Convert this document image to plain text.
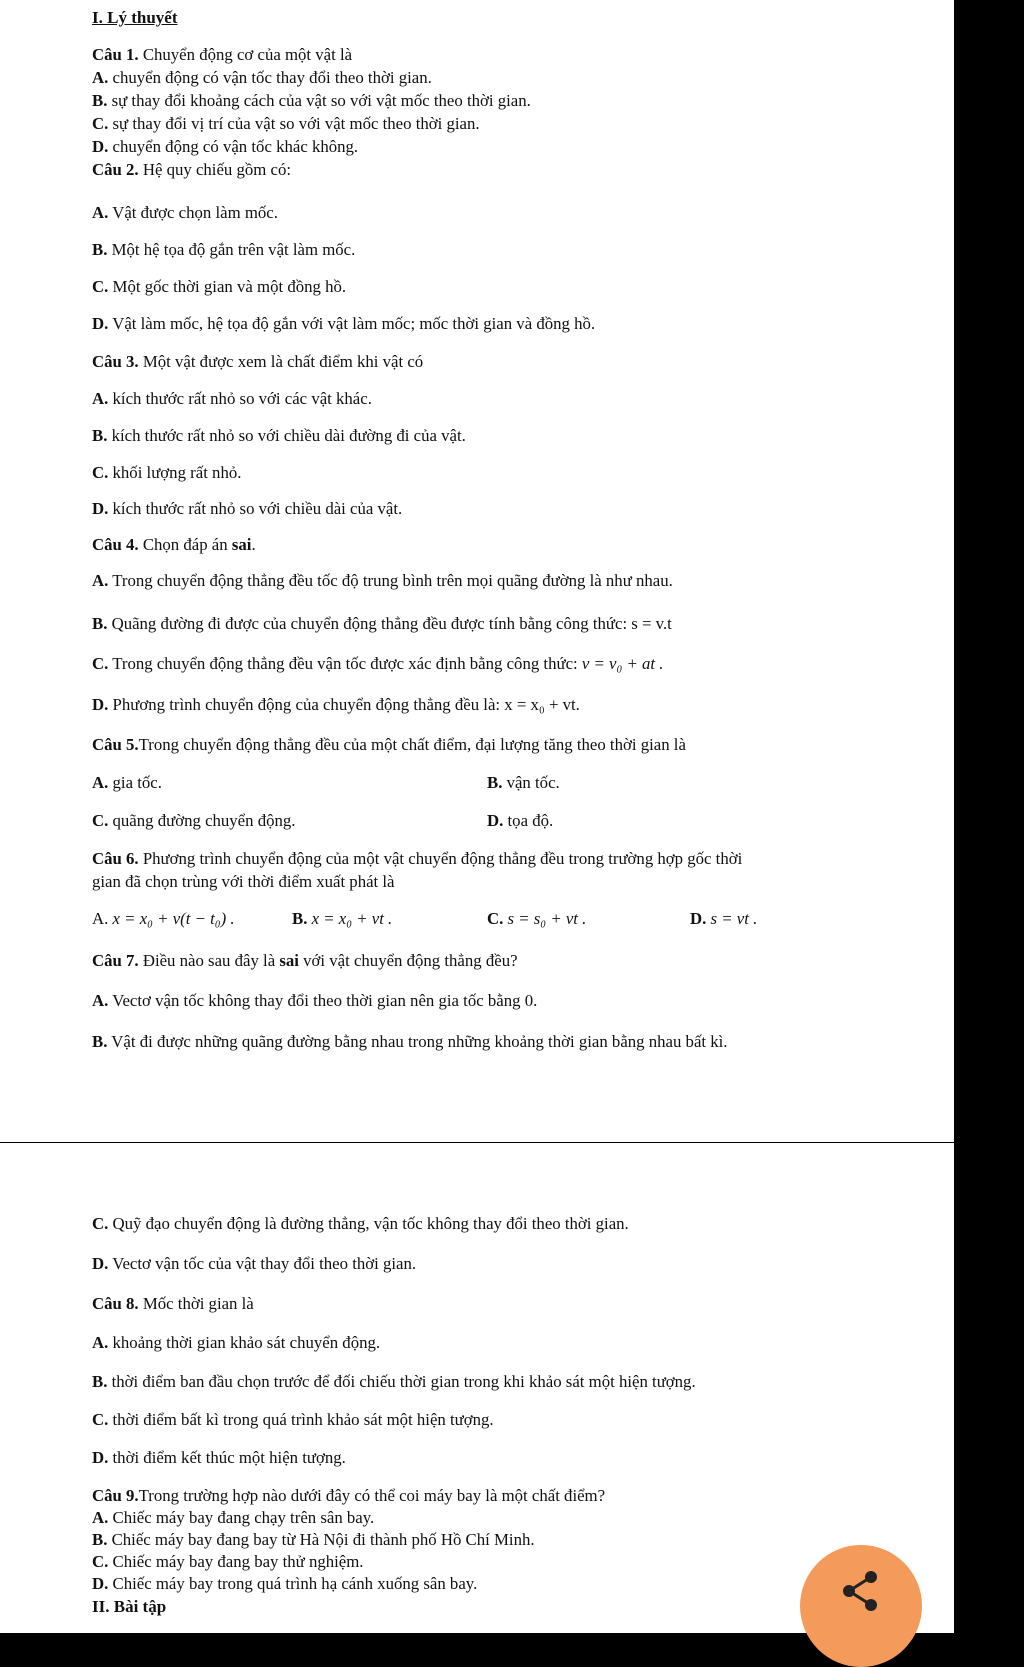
I. Lý thuyết
Câu 1. Chuyển động cơ của một vật là
A. chuyển động có vận tốc thay đổi theo thời gian.
B. sự thay đổi khoảng cách của vật so với vật mốc theo thời gian.
C. sự thay đổi vị trí của vật so với vật mốc theo thời gian.
D. chuyển động có vận tốc khác không.
Câu 2. Hệ quy chiếu gồm có:
A. Vật được chọn làm mốc.
B. Một hệ tọa độ gắn trên vật làm mốc.
C. Một gốc thời gian và một đồng hồ.
D. Vật làm mốc, hệ tọa độ gắn với vật làm mốc; mốc thời gian và đồng hồ.
Câu 3. Một vật được xem là chất điểm khi vật có
A. kích thước rất nhỏ so với các vật khác.
B. kích thước rất nhỏ so với chiều dài đường đi của vật.
C. khối lượng rất nhỏ.
D. kích thước rất nhỏ so với chiều dài của vật.
Câu 4. Chọn đáp án sai.
A. Trong chuyển động thẳng đều tốc độ trung bình trên mọi quãng đường là như nhau.
B. Quãng đường đi được của chuyển động thẳng đều được tính bằng công thức: s = v.t
C. Trong chuyển động thẳng đều vận tốc được xác định bằng công thức: v = v₀ + at .
D. Phương trình chuyển động của chuyển động thẳng đều là: x = x₀ + vt.
Câu 5.Trong chuyển động thẳng đều của một chất điểm, đại lượng tăng theo thời gian là
A. gia tốc.	B. vận tốc.
C. quãng đường chuyển động.	D. tọa độ.
Câu 6. Phương trình chuyển động của một vật chuyển động thẳng đều trong trường hợp gốc thời
gian đã chọn trùng với thời điểm xuất phát là
A. x = x₀ + v(t − t₀) .	B. x = x₀ + vt .	C. s = s₀ + vt .	D. s = vt .
Câu 7. Điều nào sau đây là sai với vật chuyển động thẳng đều?
A. Vectơ vận tốc không thay đổi theo thời gian nên gia tốc bằng 0.
B. Vật đi được những quãng đường bằng nhau trong những khoảng thời gian bằng nhau bất kì.
C. Quỹ đạo chuyển động là đường thẳng, vận tốc không thay đổi theo thời gian.
D. Vectơ vận tốc của vật thay đổi theo thời gian.
Câu 8. Mốc thời gian là
A. khoảng thời gian khảo sát chuyển động.
B. thời điểm ban đầu chọn trước để đối chiếu thời gian trong khi khảo sát một hiện tượng.
C. thời điểm bất kì trong quá trình khảo sát một hiện tượng.
D. thời điểm kết thúc một hiện tượng.
Câu 9.Trong trường hợp nào dưới đây có thể coi máy bay là một chất điểm?
A. Chiếc máy bay đang chạy trên sân bay.
B. Chiếc máy bay đang bay từ Hà Nội đi thành phố Hồ Chí Minh.
C. Chiếc máy bay đang bay thử nghiệm.
D. Chiếc máy bay trong quá trình hạ cánh xuống sân bay.
II. Bài tập
